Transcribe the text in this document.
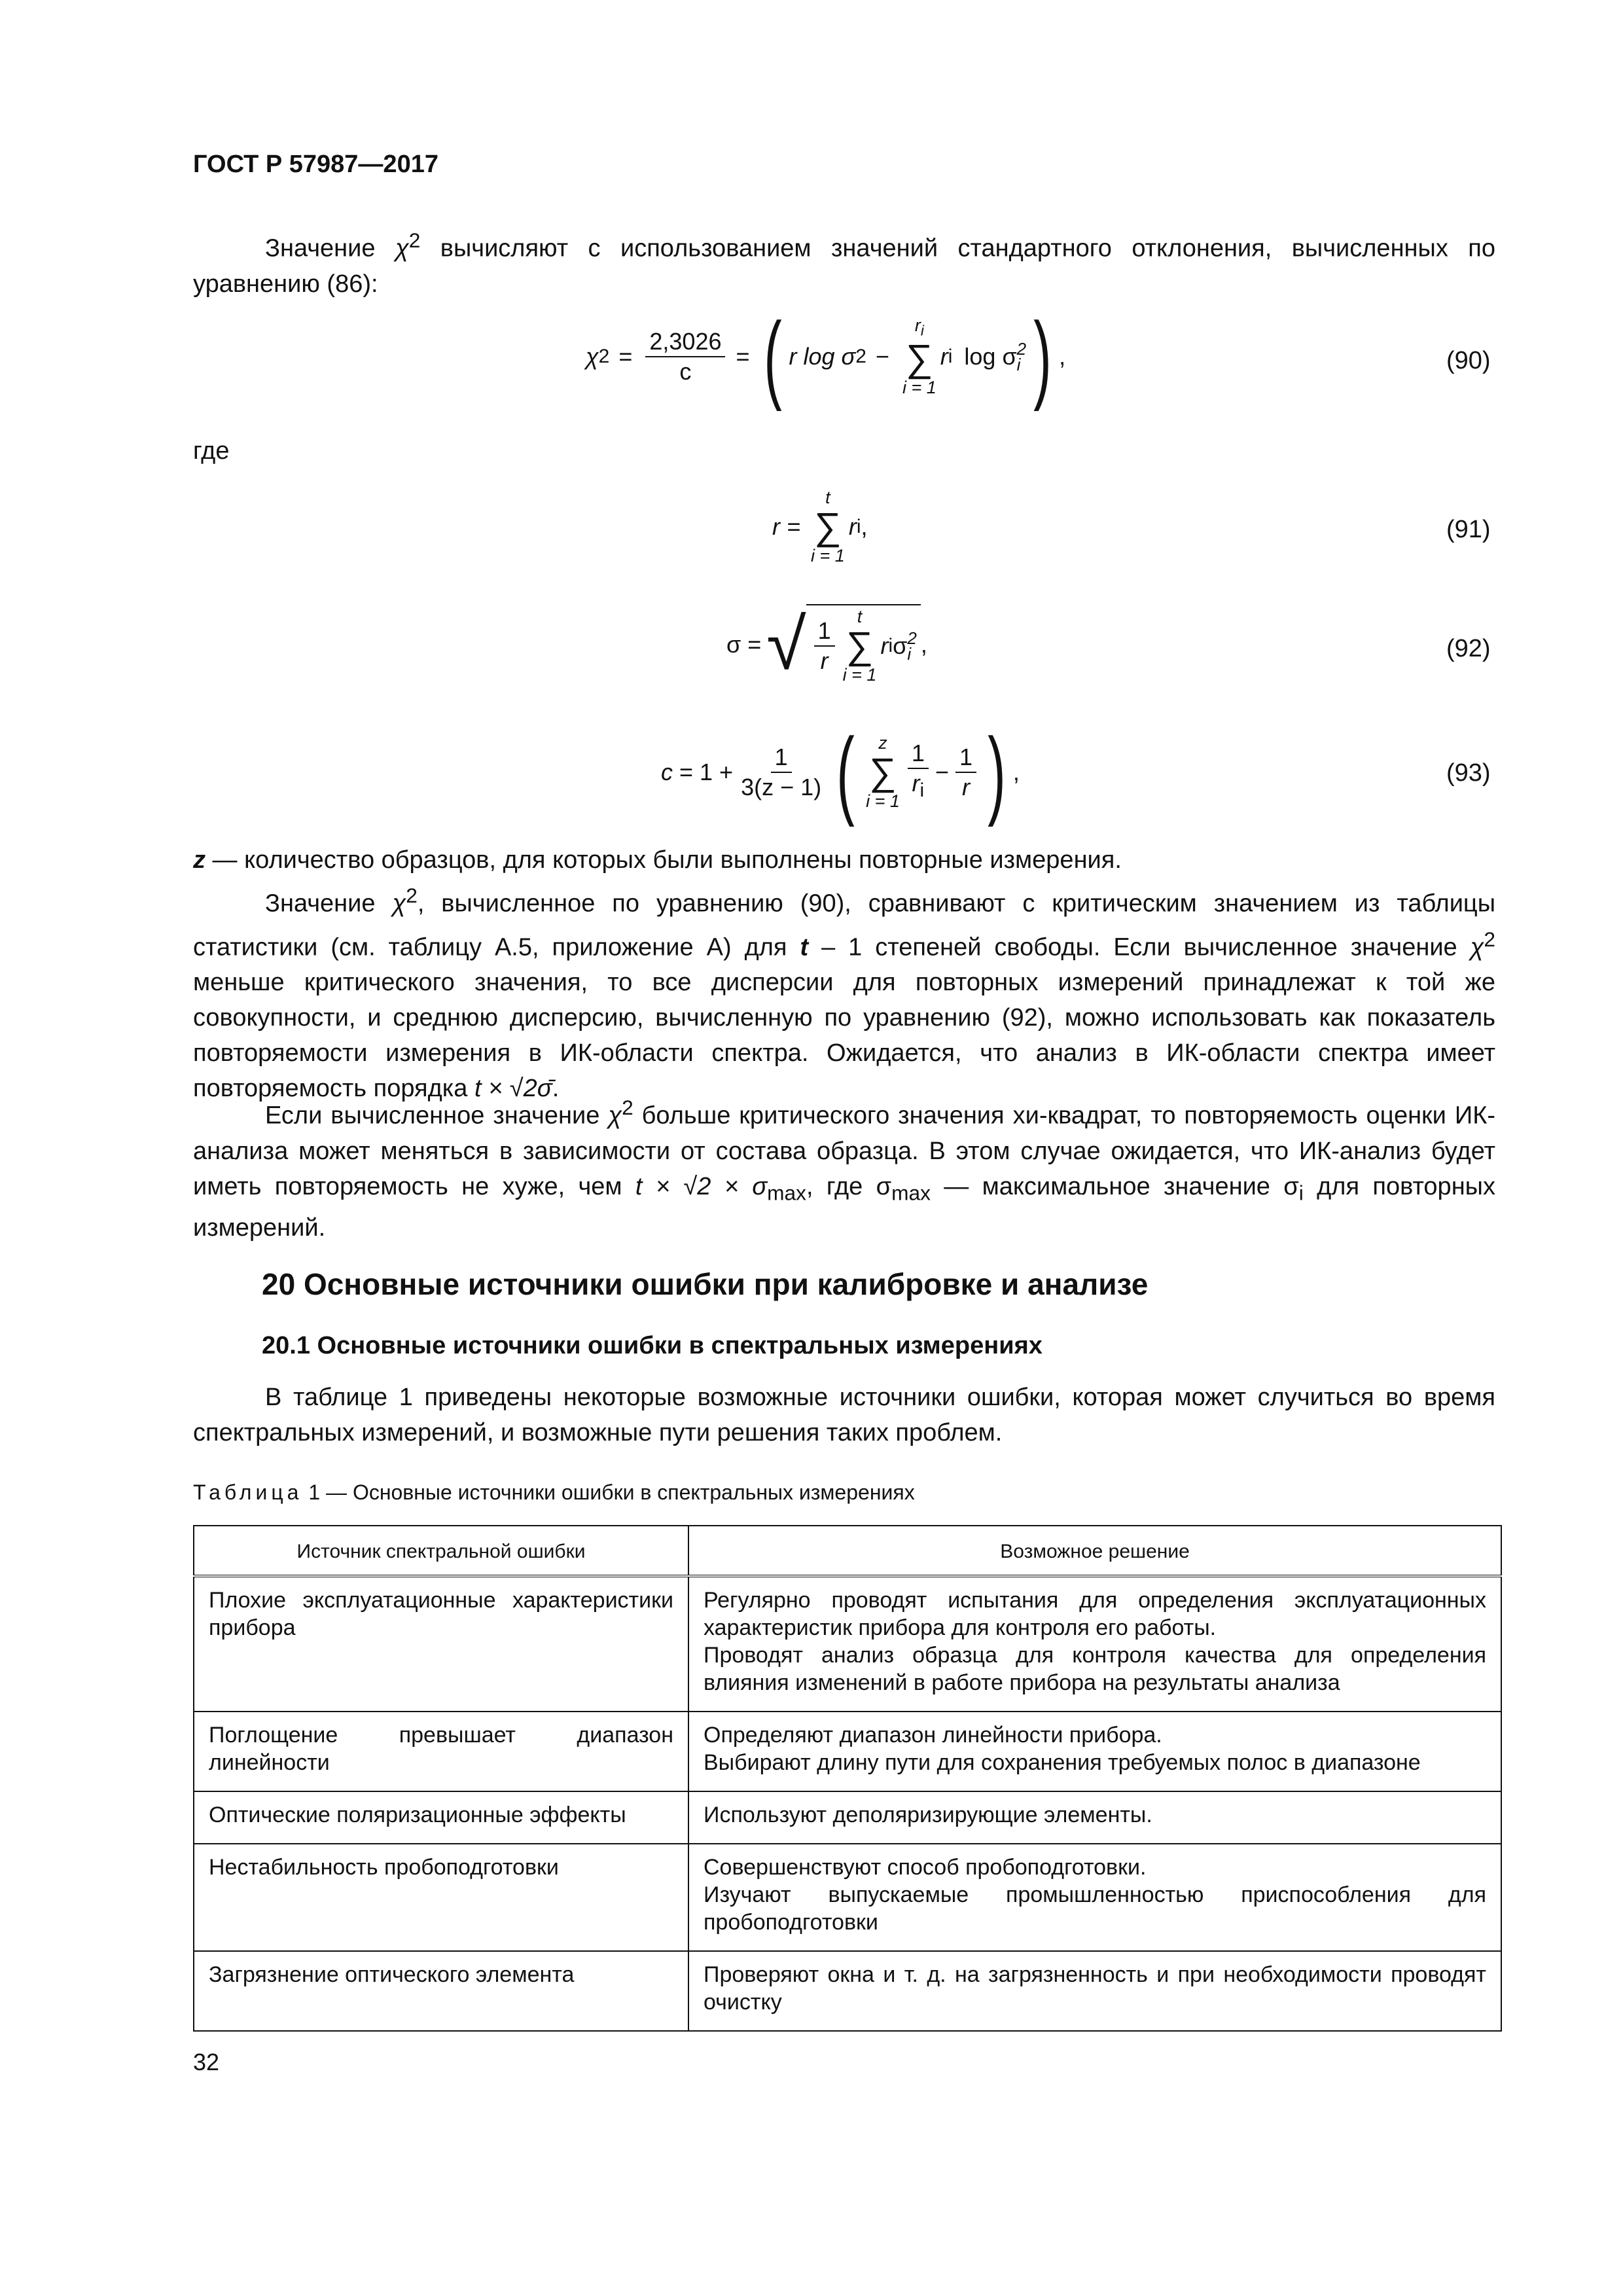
ГОСТ Р 57987—2017
Значение $\chi^2$ вычисляют с использованием значений стандартного отклонения, вычисленных по уравнению (86):
χ $2 = \frac{2,3026}{c}$ = ( r log σ 2 −
$r_i$
∑
i = 1
r i log σ 2
i ) ,	(90)
где
r =
t
∑
i = 1
r i ,	(91)
σ = √ $\frac{1}{r}$
t
∑
i = 1
r i σ 2
i ,	(92)
$c = 1 + \frac{1}{3(z - 1)}$ ( z
∑
$i = 1 \frac{1}{r_i} - \frac{1}{r}$ ) ,	(93)
z — количество образцов, для которых были выполнены повторные измерения.
Значение $\chi^2$, вычисленное по уравнению (90), сравнивают с критическим значением из таблицы статистики (см. таблицу А.5, приложение А) для t – 1 степеней свободы. Если вычисленное значение $\chi^2$ меньше критического значения, то все дисперсии для повторных измерений принадлежат к той же совокупности, и среднюю дисперсию, вычисленную по уравнению (92), можно использовать как показатель повторяемости измерения в ИК-области спектра. Ожидается, что анализ в ИК-области спектра имеет повторяемость порядка t × √2σ̄.
Если вычисленное значение $\chi^2$ больше критического значения хи-квадрат, то повторяемость оценки ИК-анализа может меняться в зависимости от состава образца. В этом случае ожидается, что ИК-анализ будет иметь повторяемость не хуже, чем $t \times √2 \times \sigma_{max}$, где $\sigma_{max}$ — максимальное значение $\sigma_i$ для повторных измерений.
20 Основные источники ошибки при калибровке и анализе
20.1 Основные источники ошибки в спектральных измерениях
В таблице 1 приведены некоторые возможные источники ошибки, которая может случиться во время спектральных измерений, и возможные пути решения таких проблем.
Таблица 1 — Основные источники ошибки в спектральных измерениях
Источник спектральной ошибки	Возможное решение
Плохие эксплуатационные характеристики прибора	Регулярно проводят испытания для определения эксплуатационных характеристик прибора для контроля его работы.
Проводят анализ образца для контроля качества для определения влияния изменений в работе прибора на результаты анализа

Поглощение превышает диапазон линейности	Определяют диапазон линейности прибора.
Выбирают длину пути для сохранения требуемых полос в диапазоне

Оптические поляризационные эффекты	Используют деполяризирующие элементы.

Нестабильность пробоподготовки	Совершенствуют способ пробоподготовки.
Изучают выпускаемые промышленностью приспособления для пробоподготовки

Загрязнение оптического элемента	Проверяют окна и т. д. на загрязненность и при необходимости проводят очистку
32
